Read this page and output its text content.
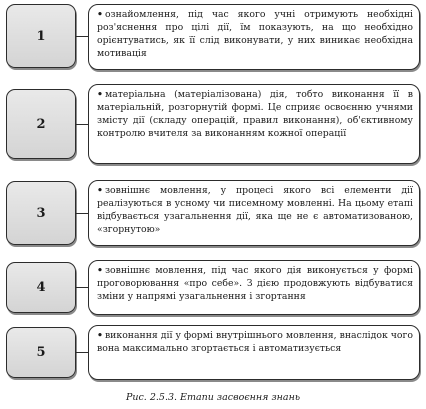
1

• ознайомлення, під час якого учні отримують необхідні роз'яснення про цілі дії, їм показують, на що необхідно орієнтуватись, як її слід виконувати, у них виникає необхідна мотивація

2

• матеріальна (матеріалізована) дія, тобто виконання її в матеріальній, розгорнутій формі. Це сприяє освоєнню учнями змісту дії (складу операцій, правил виконання), об'єктивному контролю вчителя за виконанням кожної операції

3

• зовнішнє мовлення, у процесі якого всі елементи дії реалізуються в усному чи писемному мовленні. На цьому етапі відбувається узагальнення дії, яка ще не є автоматизованою, «згорнутою»

4

• зовнішнє мовлення, під час якого дія виконується у формі проговорювання «про себе». З дією продовжують відбуватися зміни у напрямі узагальнення і згортання

5

• виконання дії у формі внутрішнього мовлення, внаслідок чого вона максимально згортається і автоматизується

Рис. 2.5.3. Етапи засвоєння знань
